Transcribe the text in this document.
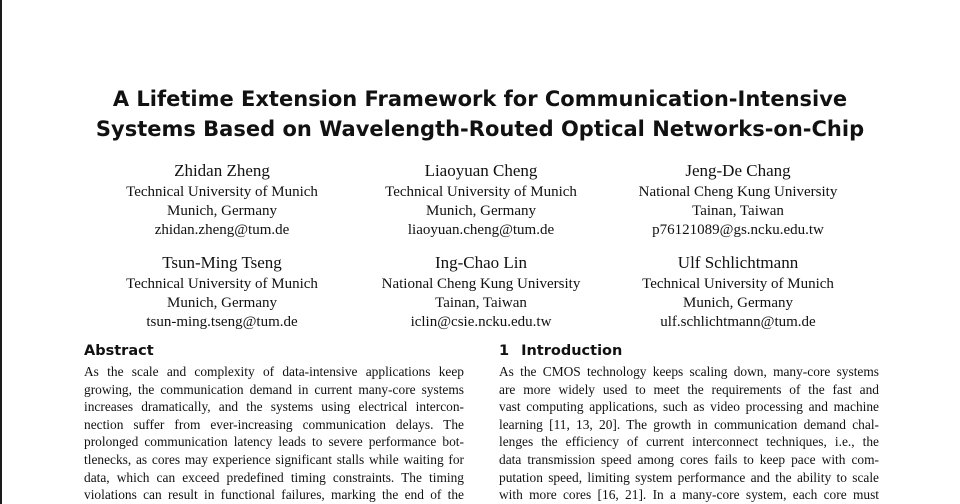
A Lifetime Extension Framework for Communication-Intensive
Systems Based on Wavelength-Routed Optical Networks-on-Chip
Zhidan Zheng
Technical University of Munich
Munich, Germany
zhidan.zheng@tum.de
Liaoyuan Cheng
Technical University of Munich
Munich, Germany
liaoyuan.cheng@tum.de
Jeng-De Chang
National Cheng Kung University
Tainan, Taiwan
p76121089@gs.ncku.edu.tw
Tsun-Ming Tseng
Technical University of Munich
Munich, Germany
tsun-ming.tseng@tum.de
Ing-Chao Lin
National Cheng Kung University
Tainan, Taiwan
iclin@csie.ncku.edu.tw
Ulf Schlichtmann
Technical University of Munich
Munich, Germany
ulf.schlichtmann@tum.de
Abstract	1 Introduction
As the scale and complexity of data-intensive applications keep
growing, the communication demand in current many-core systems
increases dramatically, and the systems using electrical intercon-
nection suffer from ever-increasing communication delays. The
prolonged communication latency leads to severe performance bot-
tlenecks, as cores may experience significant stalls while waiting for
data, which can exceed predefined timing constraints. The timing
violations can result in functional failures, marking the end of the
As the CMOS technology keeps scaling down, many-core systems
are more widely used to meet the requirements of the fast and
vast computing applications, such as video processing and machine
learning [11, 13, 20]. The growth in communication demand chal-
lenges the efficiency of current interconnect techniques, i.e., the
data transmission speed among cores fails to keep pace with com-
putation speed, limiting system performance and the ability to scale
with more cores [16, 21]. In a many-core system, each core must
